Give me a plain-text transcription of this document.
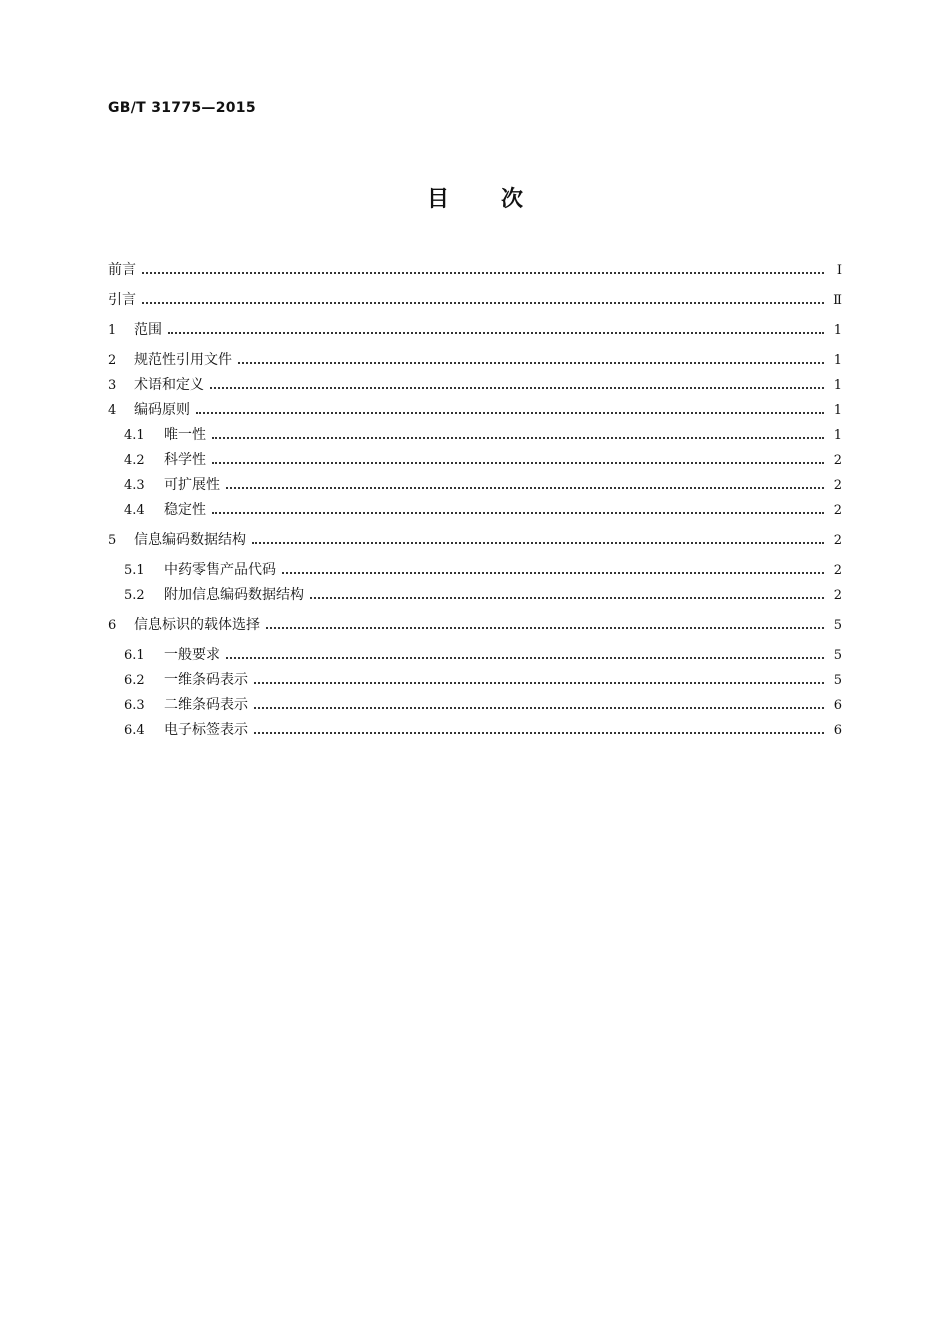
GB/T 31775—2015
目 次
前言	Ⅰ
引言	Ⅱ
1	范围	1
2	规范性引用文件	1
3	术语和定义	1
4	编码原则	1
4.1	唯一性	1
4.2	科学性	2
4.3	可扩展性	2
4.4	稳定性	2
5	信息编码数据结构	2
5.1	中药零售产品代码	2
5.2	附加信息编码数据结构	2
6	信息标识的载体选择	5
6.1	一般要求	5
6.2	一维条码表示	5
6.3	二维条码表示	6
6.4	电子标签表示	6
